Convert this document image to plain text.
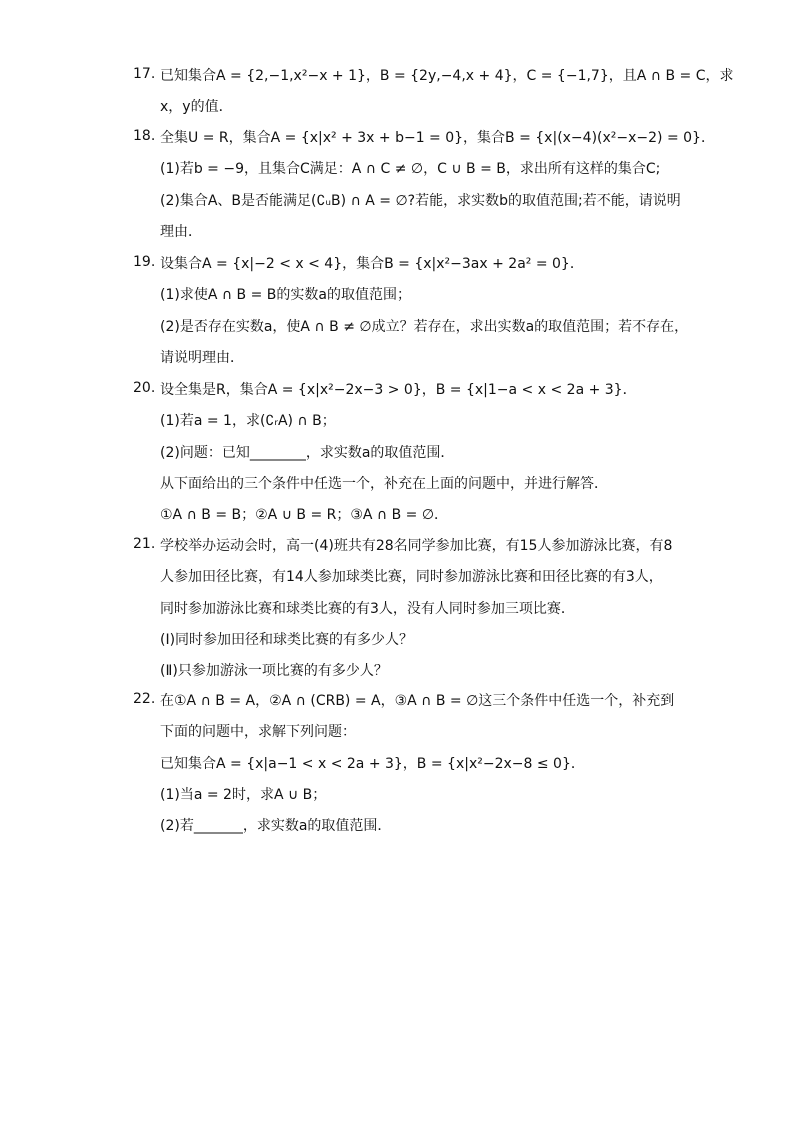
17. 已知集合A = {2,−1,x²−x + 1}，B = {2y,−4,x + 4}，C = {−1,7}，且A ∩ B = C，求
x，y的值．
18. 全集U = R，集合A = {x|x² + 3x + b−1 = 0}，集合B = {x|(x−4)(x²−x−2) = 0}．
(1)若b = −9，且集合C满足：A ∩ C ≠ ∅，C ∪ B = B，求出所有这样的集合C;
(2)集合A、B是否能满足(∁ᵤB) ∩ A = ∅?若能，求实数b的取值范围;若不能，请说明
理由．
19. 设集合A = {x|−2 < x < 4}，集合B = {x|x²−3ax + 2a² = 0}．
(1)求使A ∩ B = B的实数a的取值范围；
(2)是否存在实数a，使A ∩ B ≠ ∅成立？若存在，求出实数a的取值范围；若不存在，
请说明理由．
20. 设全集是R，集合A = {x|x²−2x−3 > 0}，B = {x|1−a < x < 2a + 3}．
(1)若a = 1，求(∁ᵣA) ∩ B；
(2)问题：已知________，求实数a的取值范围．
从下面给出的三个条件中任选一个，补充在上面的问题中，并进行解答．
①A ∩ B = B；②A ∪ B = R；③A ∩ B = ∅．
21. 学校举办运动会时，高一(4)班共有28名同学参加比赛，有15人参加游泳比赛，有8
人参加田径比赛，有14人参加球类比赛，同时参加游泳比赛和田径比赛的有3人，
同时参加游泳比赛和球类比赛的有3人，没有人同时参加三项比赛．
(Ⅰ)同时参加田径和球类比赛的有多少人？
(Ⅱ)只参加游泳一项比赛的有多少人？
22. 在①A ∩ B = A，②A ∩ (CRB) = A，③A ∩ B = ∅这三个条件中任选一个，补充到
下面的问题中，求解下列问题：
已知集合A = {x|a−1 < x < 2a + 3}，B = {x|x²−2x−8 ≤ 0}．
(1)当a = 2时，求A ∪ B；
(2)若_______，求实数a的取值范围．
